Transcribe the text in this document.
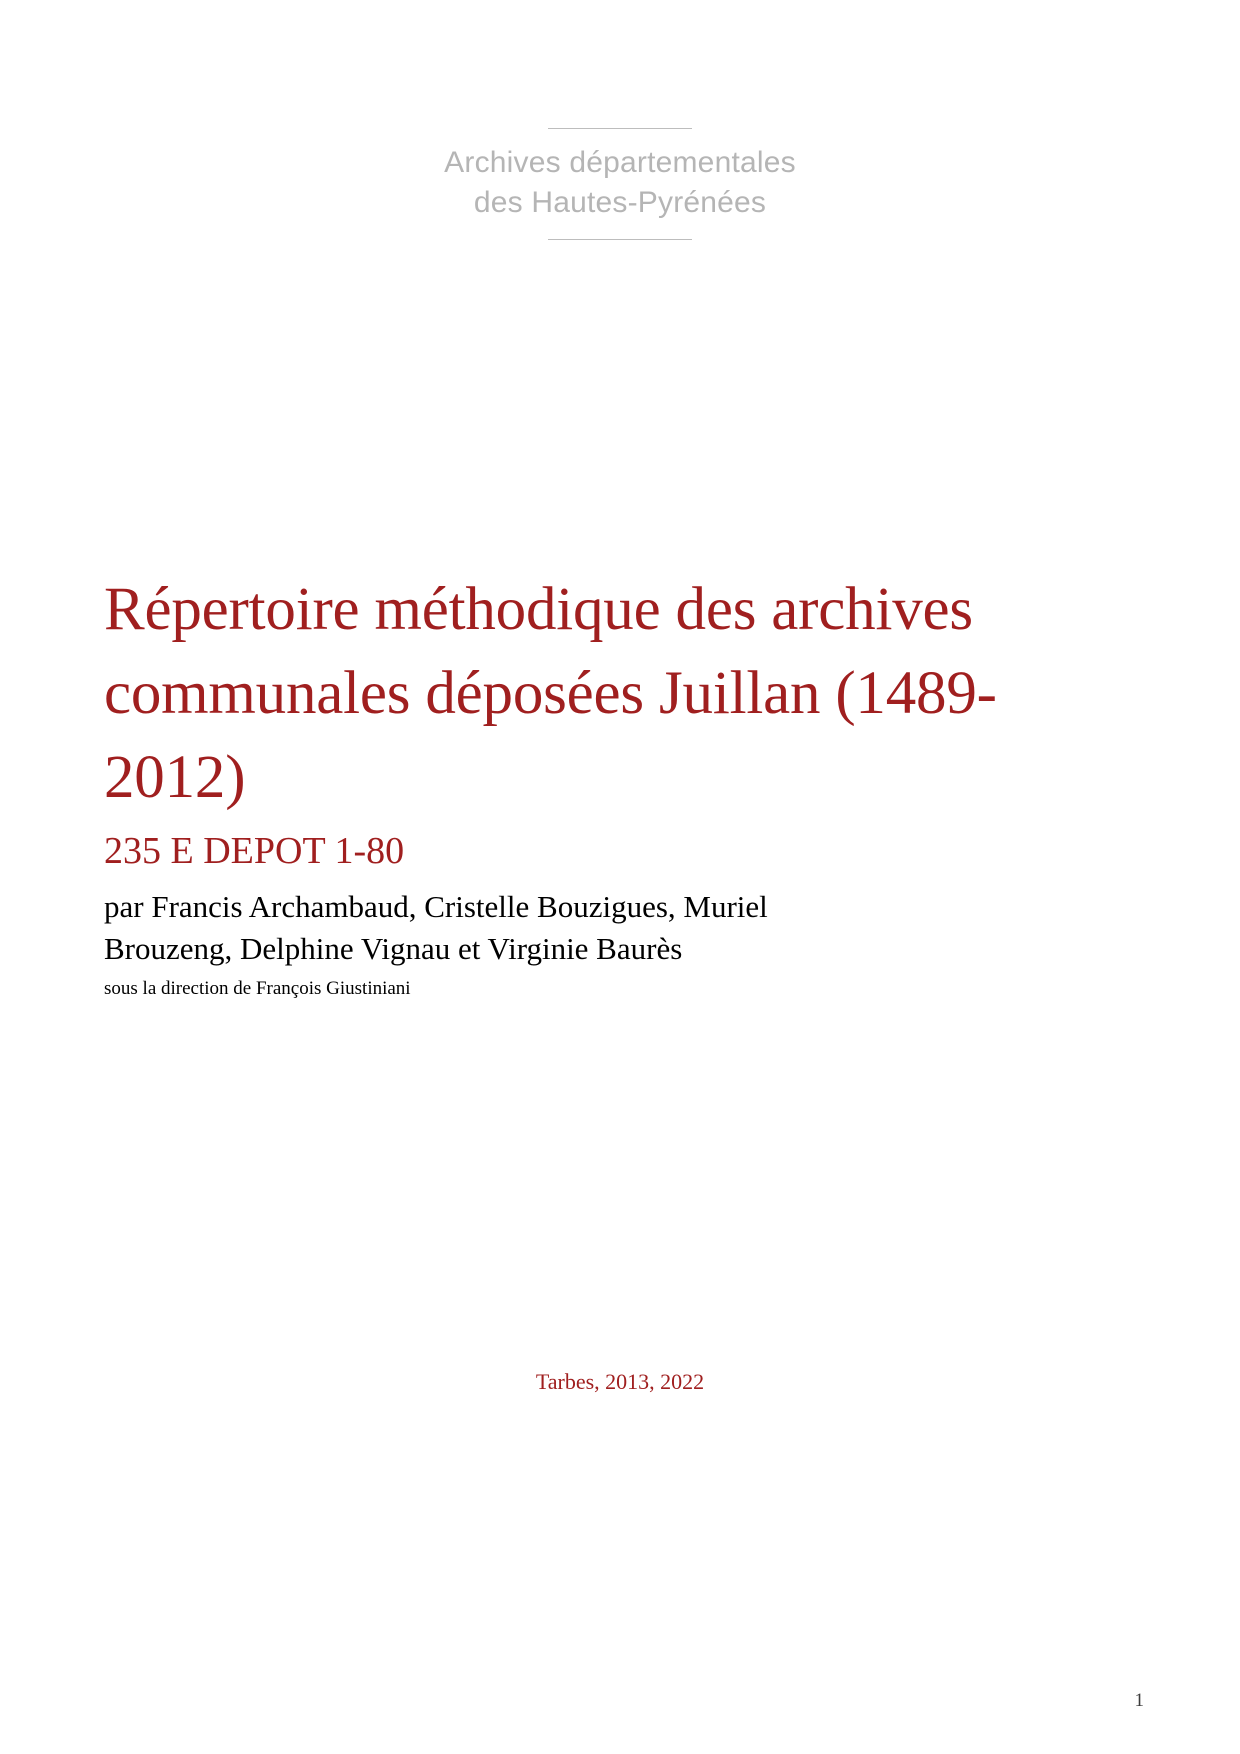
Archives départementales
des Hautes-Pyrénées
Répertoire méthodique des archives communales déposées Juillan (1489-2012)
235 E DEPOT 1-80
par Francis Archambaud, Cristelle Bouzigues, Muriel Brouzeng, Delphine Vignau et Virginie Baurès
sous la direction de François Giustiniani
Tarbes, 2013, 2022
1
